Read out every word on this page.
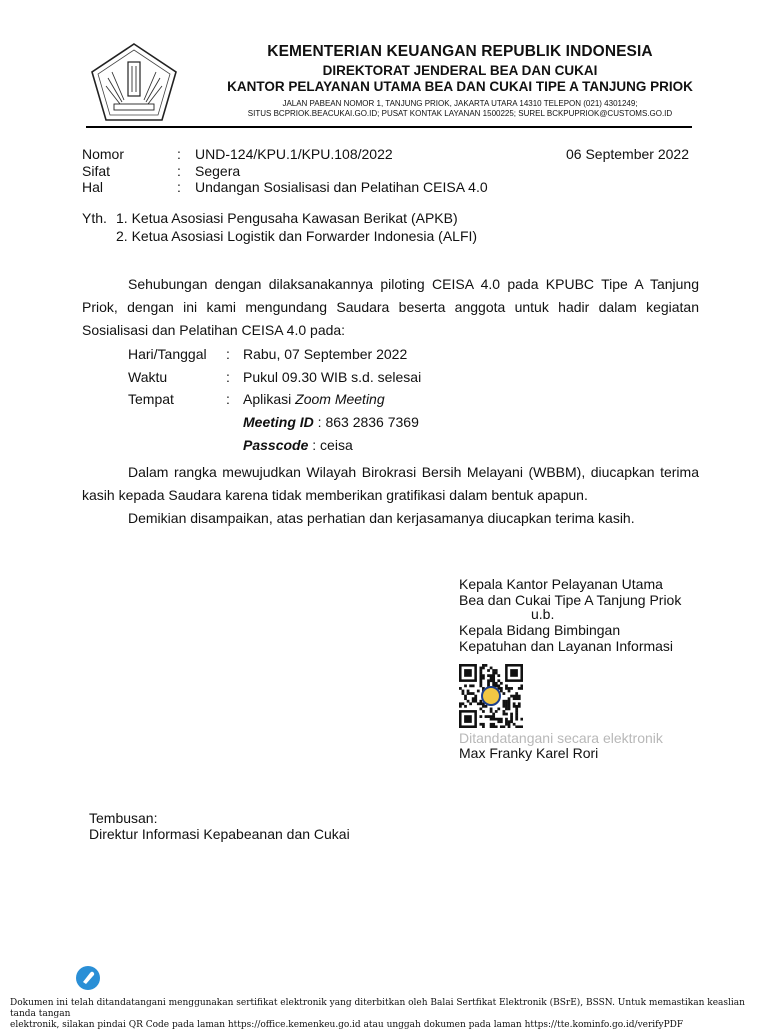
KEMENTERIAN KEUANGAN REPUBLIK INDONESIA
DIREKTORAT JENDERAL BEA DAN CUKAI
KANTOR PELAYANAN UTAMA BEA DAN CUKAI TIPE A TANJUNG PRIOK
JALAN PABEAN NOMOR 1, TANJUNG PRIOK, JAKARTA UTARA 14310 TELEPON (021) 4301249;
SITUS BCPRIOK.BEACUKAI.GO.ID; PUSAT KONTAK LAYANAN 1500225; SUREL BCKPUPRIOK@CUSTOMS.GO.ID
Nomor	: UND-124/KPU.1/KPU.108/2022	06 September 2022
Sifat	: Segera
Hal	: Undangan Sosialisasi dan Pelatihan CEISA 4.0
Yth. 1. Ketua Asosiasi Pengusaha Kawasan Berikat (APKB)
2. Ketua Asosiasi Logistik dan Forwarder Indonesia (ALFI)
Sehubungan dengan dilaksanakannya piloting CEISA 4.0 pada KPUBC Tipe A Tanjung
Priok, dengan ini kami mengundang Saudara beserta anggota untuk hadir dalam kegiatan
Sosialisasi dan Pelatihan CEISA 4.0 pada:
Hari/Tanggal : Rabu, 07 September 2022
Waktu	: Pukul 09.30 WIB s.d. selesai
Tempat	: Aplikasi Zoom Meeting
Meeting ID : 863 2836 7369
Passcode : ceisa
Dalam rangka mewujudkan Wilayah Birokrasi Bersih Melayani (WBBM), diucapkan terima
kasih kepada Saudara karena tidak memberikan gratifikasi dalam bentuk apapun.
Demikian disampaikan, atas perhatian dan kerjasamanya diucapkan terima kasih.
Kepala Kantor Pelayanan Utama
Bea dan Cukai Tipe A Tanjung Priok
u.b.
Kepala Bidang Bimbingan
Kepatuhan dan Layanan Informasi
Ditandatangani secara elektronik
Max Franky Karel Rori
Tembusan:
Direktur Informasi Kepabeanan dan Cukai
Dokumen ini telah ditandatangani menggunakan sertifikat elektronik yang diterbitkan oleh Balai Sertfikat Elektronik (BSrE), BSSN. Untuk memastikan keaslian tanda tangan
elektronik, silakan pindai QR Code pada laman https://office.kemenkeu.go.id atau unggah dokumen pada laman https://tte.kominfo.go.id/verifyPDF
